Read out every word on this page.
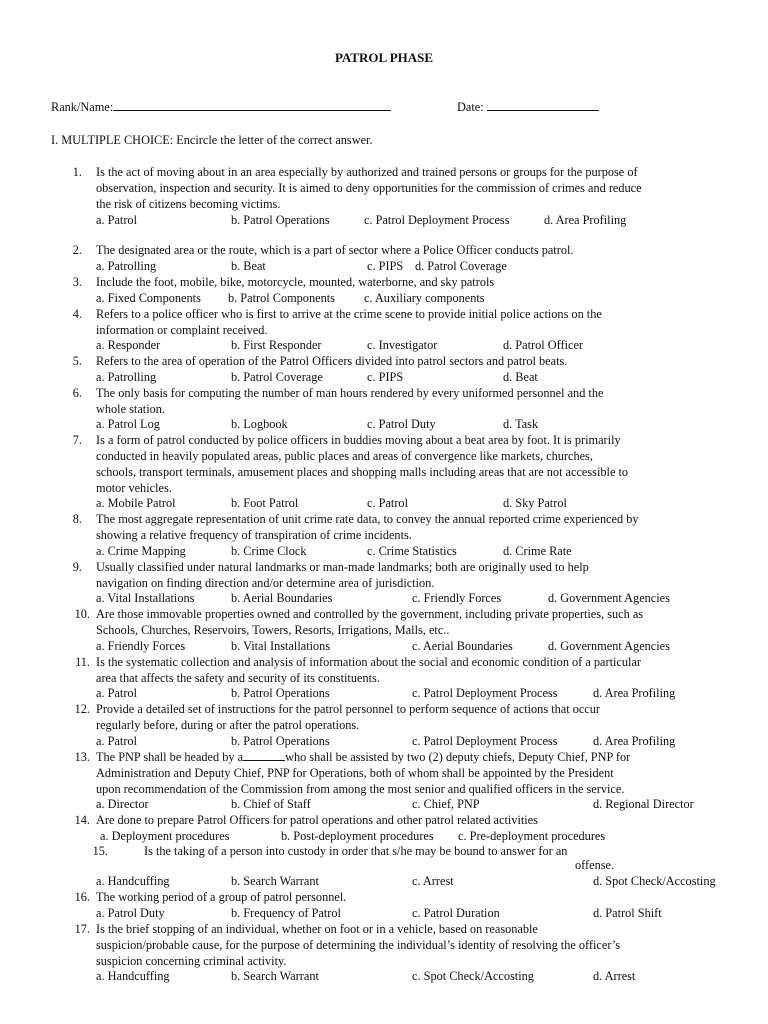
PATROL PHASE
Rank/Name:	Date:
I. MULTIPLE CHOICE: Encircle the letter of the correct answer.
1. Is the act of moving about in an area especially by authorized and trained persons or groups for the purpose of
observation, inspection and security. It is aimed to deny opportunities for the commission of crimes and reduce
the risk of citizens becoming victims.
a. Patrol	b. Patrol Operations	c. Patrol Deployment Process	d. Area Profiling
2. The designated area or the route, which is a part of sector where a Police Officer conducts patrol.
a. Patrolling	b. Beat	c. PIPS d. Patrol Coverage
3. Include the foot, mobile, bike, motorcycle, mounted, waterborne, and sky patrols
a. Fixed Components b. Patrol Components c. Auxiliary components
4. Refers to a police officer who is first to arrive at the crime scene to provide initial police actions on the
information or complaint received.
a. Responder	b. First Responder	c. Investigator	d. Patrol Officer
5. Refers to the area of operation of the Patrol Officers divided into patrol sectors and patrol beats.
a. Patrolling	b. Patrol Coverage	c. PIPS	d. Beat
6. The only basis for computing the number of man hours rendered by every uniformed personnel and the
whole station.
a. Patrol Log	b. Logbook	c. Patrol Duty	d. Task
7. Is a form of patrol conducted by police officers in buddies moving about a beat area by foot. It is primarily
conducted in heavily populated areas, public places and areas of convergence like markets, churches,
schools, transport terminals, amusement places and shopping malls including areas that are not accessible to
motor vehicles.
a. Mobile Patrol	b. Foot Patrol	c. Patrol	d. Sky Patrol
8. The most aggregate representation of unit crime rate data, to convey the annual reported crime experienced by
showing a relative frequency of transpiration of crime incidents.
a. Crime Mapping	b. Crime Clock	c. Crime Statistics	d. Crime Rate
9. Usually classified under natural landmarks or man-made landmarks; both are originally used to help
navigation on finding direction and/or determine area of jurisdiction.
a. Vital Installations	b. Aerial Boundaries	c. Friendly Forces	d. Government Agencies
10. Are those immovable properties owned and controlled by the government, including private properties, such as
Schools, Churches, Reservoirs, Towers, Resorts, Irrigations, Malls, etc..
a. Friendly Forces	b. Vital Installations	c. Aerial Boundaries	d. Government Agencies
11. Is the systematic collection and analysis of information about the social and economic condition of a particular
area that affects the safety and security of its constituents.
a. Patrol	b. Patrol Operations	c. Patrol Deployment Process	d. Area Profiling
12. Provide a detailed set of instructions for the patrol personnel to perform sequence of actions that occur
regularly before, during or after the patrol operations.
a. Patrol	b. Patrol Operations	c. Patrol Deployment Process	d. Area Profiling
13. The PNP shall be headed by a	who shall be assisted by two (2) deputy chiefs, Deputy Chief, PNP for
Administration and Deputy Chief, PNP for Operations, both of whom shall be appointed by the President
upon recommendation of the Commission from among the most senior and qualified officers in the service.
a. Director	b. Chief of Staff	c. Chief, PNP	d. Regional Director
14. Are done to prepare Patrol Officers for patrol operations and other patrol related activities
a. Deployment procedures	b. Post-deployment procedures c. Pre-deployment procedures
15.	Is the taking of a person into custody in order that s/he may be bound to answer for an
offense.
a. Handcuffing	b. Search Warrant	c. Arrest	d. Spot Check/Accosting
16. The working period of a group of patrol personnel.
a. Patrol Duty	b. Frequency of Patrol	c. Patrol Duration	d. Patrol Shift
17. Is the brief stopping of an individual, whether on foot or in a vehicle, based on reasonable
suspicion/probable cause, for the purpose of determining the individual’s identity of resolving the officer’s
suspicion concerning criminal activity.
a. Handcuffing	b. Search Warrant	c. Spot Check/Accosting	d. Arrest
